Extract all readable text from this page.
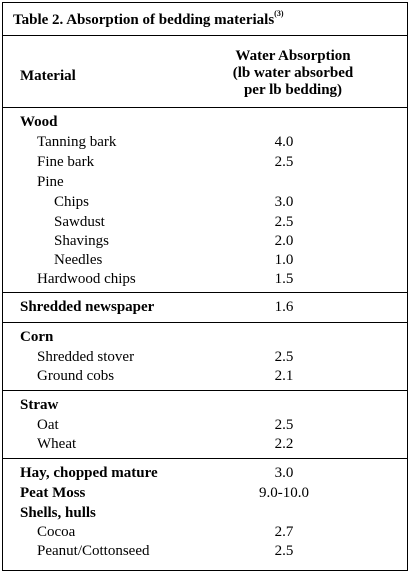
Table 2. Absorption of bedding materials$^{(3)}$
Material
Water Absorption
(lb water absorbed
per lb bedding)
Wood
Tanning bark	4.0
Fine bark	2.5
Pine
Chips	3.0
Sawdust	2.5
Shavings	2.0
Needles	1.0
Hardwood chips	1.5
Shredded newspaper	1.6
Corn
Shredded stover	2.5
Ground cobs	2.1
Straw
Oat	2.5
Wheat	2.2
Hay, chopped mature	3.0
Peat Moss	9.0-10.0
Shells, hulls
Cocoa	2.7
Peanut/Cottonseed	2.5
